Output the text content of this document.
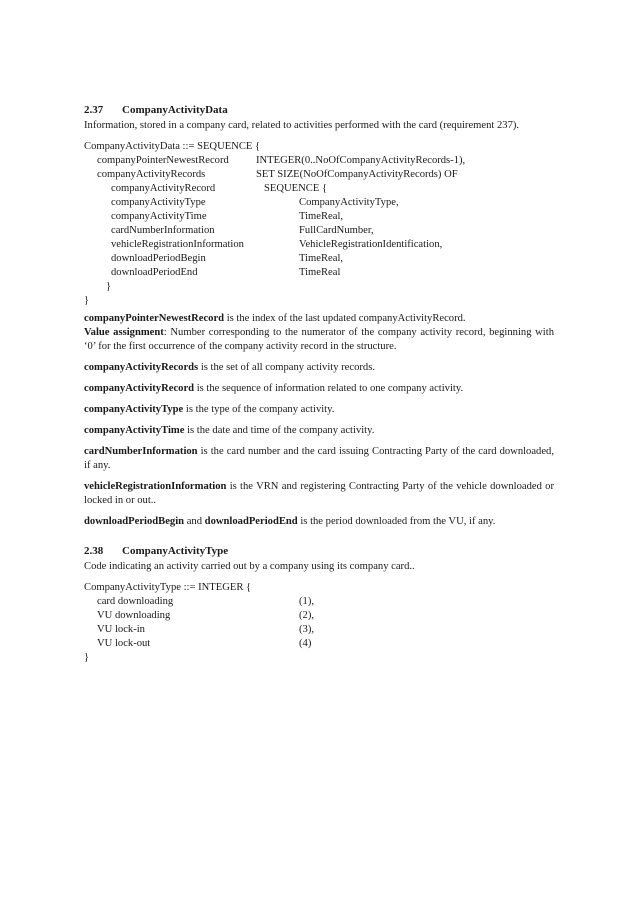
2.37 CompanyActivityData
Information, stored in a company card, related to activities performed with the card (requirement 237).
CompanyActivityData ::= SEQUENCE {
companyPointerNewestRecord	INTEGER(0..NoOfCompanyActivityRecords-1),
companyActivityRecords	SET SIZE(NoOfCompanyActivityRecords) OF
companyActivityRecord	SEQUENCE {
companyActivityType	CompanyActivityType,
companyActivityTime	TimeReal,
cardNumberInformation	FullCardNumber,
vehicleRegistrationInformation	VehicleRegistrationIdentification,
downloadPeriodBegin	TimeReal,
downloadPeriodEnd	TimeReal
}
}
companyPointerNewestRecord is the index of the last updated companyActivityRecord.
Value assignment: Number corresponding to the numerator of the company activity record, beginning with ‘0’ for the first occurrence of the company activity record in the structure.
companyActivityRecords is the set of all company activity records.
companyActivityRecord is the sequence of information related to one company activity.
companyActivityType is the type of the company activity.
companyActivityTime is the date and time of the company activity.
cardNumberInformation is the card number and the card issuing Contracting Party of the card downloaded, if any.
vehicleRegistrationInformation is the VRN and registering Contracting Party of the vehicle downloaded or locked in or out..
downloadPeriodBegin and downloadPeriodEnd is the period downloaded from the VU, if any.
2.38 CompanyActivityType
Code indicating an activity carried out by a company using its company card..
CompanyActivityType ::= INTEGER {
card downloading	(1),
VU downloading	(2),
VU lock-in	(3),
VU lock-out	(4)
}
